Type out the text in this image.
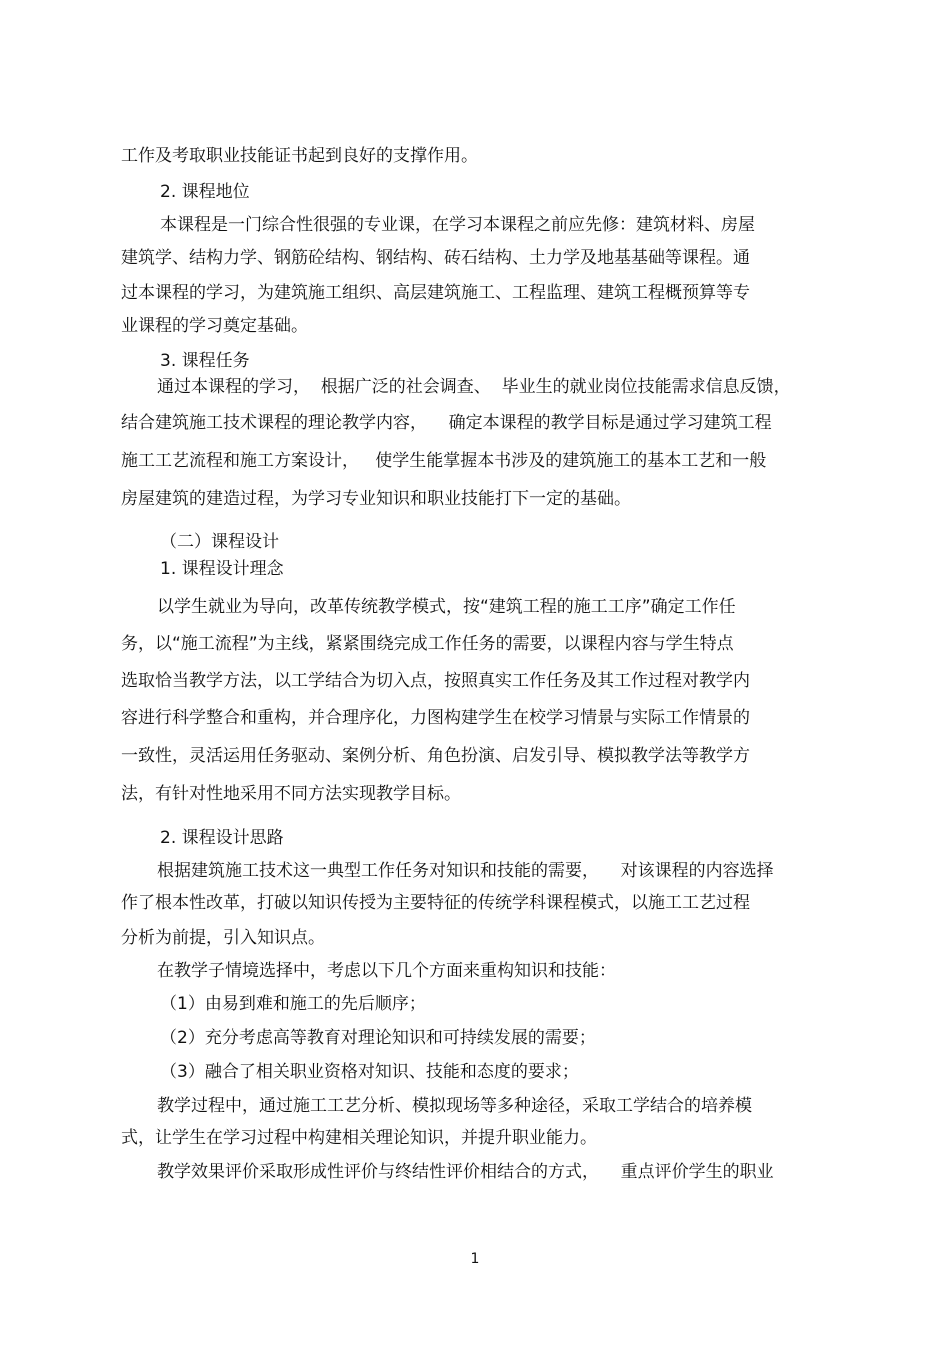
工作及考取职业技能证书起到良好的支撑作用。

2. 课程地位

本课程是一门综合性很强的专业课，在学习本课程之前应先修：建筑材料、房屋

建筑学、结构力学、钢筋砼结构、钢结构、砖石结构、土力学及地基基础等课程。通

过本课程的学习，为建筑施工组织、高层建筑施工、工程监理、建筑工程概预算等专

业课程的学习奠定基础。

3. 课程任务

通过本课程的学习，  根据广泛的社会调查、  毕业生的就业岗位技能需求信息反馈，

结合建筑施工技术课程的理论教学内容，    确定本课程的教学目标是通过学习建筑工程

施工工艺流程和施工方案设计，   使学生能掌握本书涉及的建筑施工的基本工艺和一般

房屋建筑的建造过程，为学习专业知识和职业技能打下一定的基础。

（二）课程设计

1. 课程设计理念

以学生就业为导向，改革传统教学模式，按“建筑工程的施工工序”确定工作任

务，以“施工流程”为主线，紧紧围绕完成工作任务的需要，以课程内容与学生特点

选取恰当教学方法，以工学结合为切入点，按照真实工作任务及其工作过程对教学内

容进行科学整合和重构，并合理序化，力图构建学生在校学习情景与实际工作情景的

一致性，灵活运用任务驱动、案例分析、角色扮演、启发引导、模拟教学法等教学方

法，有针对性地采用不同方法实现教学目标。

2. 课程设计思路

根据建筑施工技术这一典型工作任务对知识和技能的需要，    对该课程的内容选择

作了根本性改革，打破以知识传授为主要特征的传统学科课程模式，以施工工艺过程

分析为前提，引入知识点。

在教学子情境选择中，考虑以下几个方面来重构知识和技能：

（1）由易到难和施工的先后顺序；

（2）充分考虑高等教育对理论知识和可持续发展的需要；

（3）融合了相关职业资格对知识、技能和态度的要求；

教学过程中，通过施工工艺分析、模拟现场等多种途径，采取工学结合的培养模

式，让学生在学习过程中构建相关理论知识，并提升职业能力。

教学效果评价采取形成性评价与终结性评价相结合的方式，    重点评价学生的职业

1
